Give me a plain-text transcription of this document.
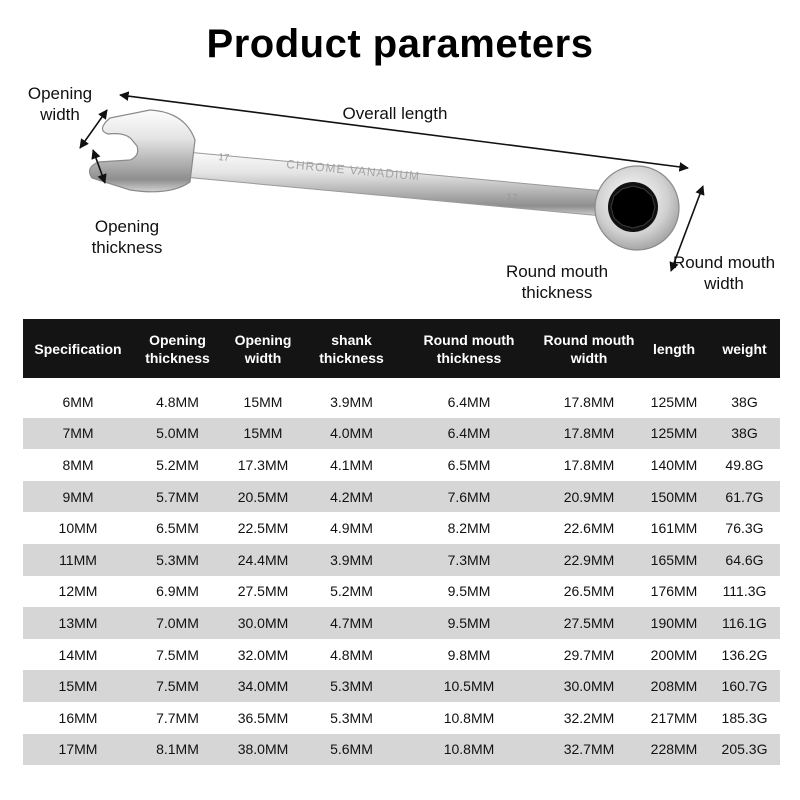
Product parameters
17	CHROME VANADIUM
17
Opening width	Overall length
Opening thickness
Round mouth thickness
Round mouth width
Specification	Opening thickness	Opening width	shank thickness	Round mouth thickness	Round mouth width	length	weight
6MM	4.8MM	15MM	3.9MM	6.4MM	17.8MM	125MM	38G
7MM	5.0MM	15MM	4.0MM	6.4MM	17.8MM	125MM	38G
8MM	5.2MM	17.3MM	4.1MM	6.5MM	17.8MM	140MM	49.8G
9MM	5.7MM	20.5MM	4.2MM	7.6MM	20.9MM	150MM	61.7G
10MM	6.5MM	22.5MM	4.9MM	8.2MM	22.6MM	161MM	76.3G
11MM	5.3MM	24.4MM	3.9MM	7.3MM	22.9MM	165MM	64.6G
12MM	6.9MM	27.5MM	5.2MM	9.5MM	26.5MM	176MM	111.3G
13MM	7.0MM	30.0MM	4.7MM	9.5MM	27.5MM	190MM	116.1G
14MM	7.5MM	32.0MM	4.8MM	9.8MM	29.7MM	200MM	136.2G
15MM	7.5MM	34.0MM	5.3MM	10.5MM	30.0MM	208MM	160.7G
16MM	7.7MM	36.5MM	5.3MM	10.8MM	32.2MM	217MM	185.3G
17MM	8.1MM	38.0MM	5.6MM	10.8MM	32.7MM	228MM	205.3G
